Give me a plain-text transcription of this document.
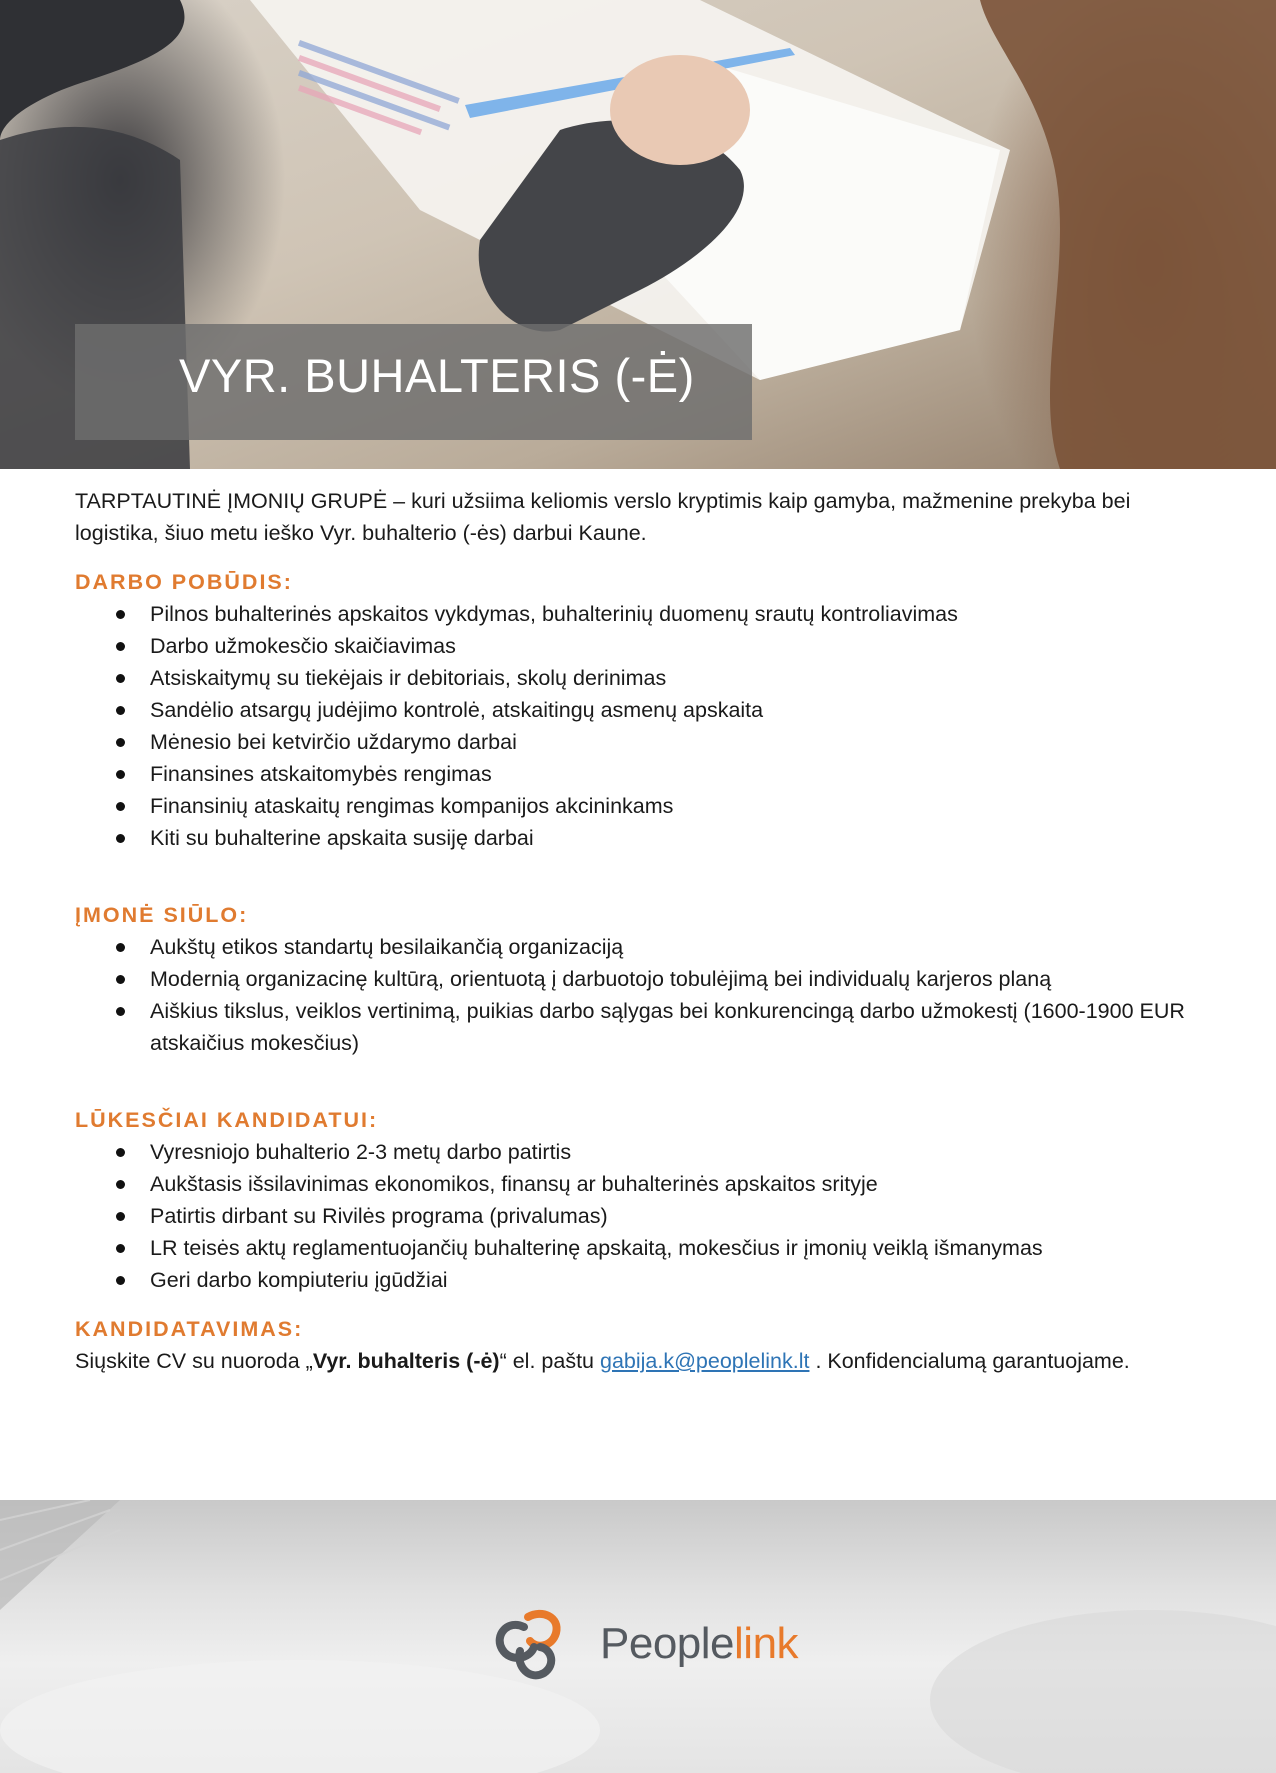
VYR. BUHALTERIS (-Ė)

TARPTAUTINĖ ĮMONIŲ GRUPĖ – kuri užsiima keliomis verslo kryptimis kaip gamyba, mažmenine prekyba bei logistika, šiuo metu ieško Vyr. buhalterio (-ės) darbui Kaune.

DARBO POBŪDIS:
Pilnos buhalterinės apskaitos vykdymas, buhalterinių duomenų srautų kontroliavimas
Darbo užmokesčio skaičiavimas
Atsiskaitymų su tiekėjais ir debitoriais, skolų derinimas
Sandėlio atsargų judėjimo kontrolė, atskaitingų asmenų apskaita
Mėnesio bei ketvirčio uždarymo darbai
Finansines atskaitomybės rengimas
Finansinių ataskaitų rengimas kompanijos akcininkams
Kiti su buhalterine apskaita susiję darbai
ĮMONĖ SIŪLO:
Aukštų etikos standartų besilaikančią organizaciją
Modernią organizacinę kultūrą, orientuotą į darbuotojo tobulėjimą bei individualų karjeros planą
Aiškius tikslus, veiklos vertinimą, puikias darbo sąlygas bei konkurencingą darbo užmokestį (1600-1900 EUR atskaičius mokesčius)
LŪKESČIAI KANDIDATUI:
Vyresniojo buhalterio 2-3 metų darbo patirtis
Aukštasis išsilavinimas ekonomikos, finansų ar buhalterinės apskaitos srityje
Patirtis dirbant su Rivilės programa (privalumas)
LR teisės aktų reglamentuojančių buhalterinę apskaitą, mokesčius ir įmonių veiklą išmanymas
Geri darbo kompiuteriu įgūdžiai
KANDIDATAVIMAS:

Siųskite CV su nuoroda „Vyr. buhalteris (-ė)“ el. paštu gabija.k@peoplelink.lt . Konfidencialumą garantuojame.

Peoplelink
